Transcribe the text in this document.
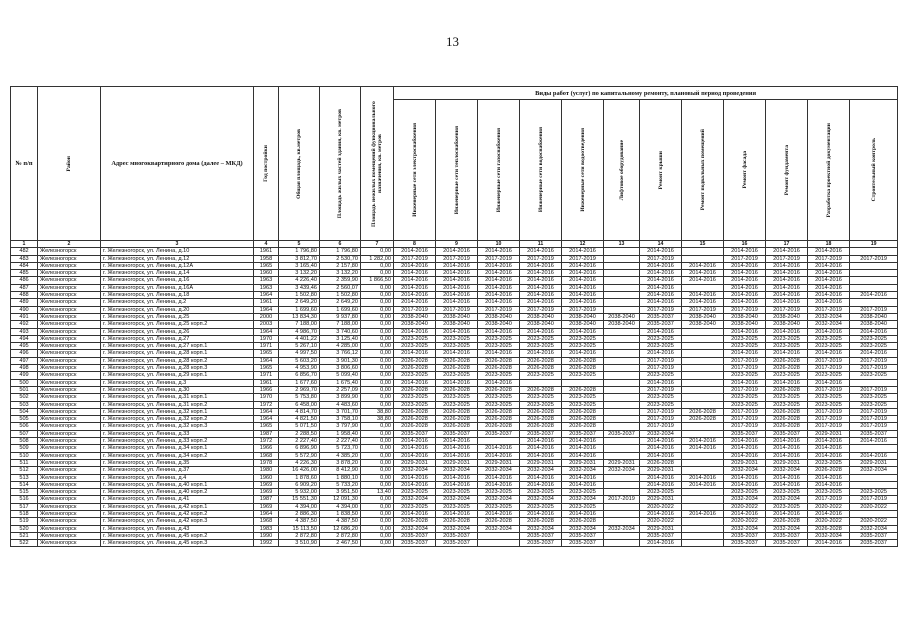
13
№ п/п	Район	Адрес многоквартирного дома (далее – МКД)	Год постройки	Общая площадь, кв.метров	Площадь жилых частей здания, кв. метров	Площадь нежилых помещений функционального назначения, кв. метров	Виды работ (услуг) по капитальному ремонту, плановый период проведения											

							Инженерные сети электроснабжения	Инженерные сети теплоснабжения	Инженерные сети газоснабжения	Инженерные сети водоснабжения	Инженерные сети водоотведения	Лифтовое оборудование	Ремонт крыши	Ремонт подвальных помещений	Ремонт фасада	Ремонт фундамента	Разработка проектной документации	Строительный контроль

1	2	3	4	5	6	7	8	9	10	11	12	13	14	15	16	17	18	19
482	Железногорск	г. Железногорск, ул. Ленина, д.10	1961	1 796,80	1 796,80	0,00	2014-2016	2014-2016	2014-2016	2014-2016	2014-2016		2014-2016		2014-2016	2014-2016	2014-2016	
483	Железногорск	г. Железногорск, ул. Ленина, д.12	1958	3 812,70	2 530,70	1 282,00	2017-2019	2017-2019	2017-2019	2017-2019	2017-2019		2017-2019		2017-2019	2017-2019	2017-2019	2017-2019
484	Железногорск	г. Железногорск, ул. Ленина, д.12А	1965	3 165,40	2 157,80	0,00	2014-2016	2014-2016	2014-2016	2014-2016	2014-2016		2014-2016	2014-2016	2014-2016	2014-2016	2014-2016	
485	Железногорск	г. Железногорск, ул. Ленина, д.14	1960	3 132,20	3 132,20	0,00	2014-2016	2014-2016	2014-2016	2014-2016	2014-2016		2014-2016	2014-2016	2014-2016	2014-2016	2014-2016	
486	Железногорск	г. Железногорск, ул. Ленина, д.16	1963	4 226,40	2 359,90	1 866,50	2014-2016	2014-2016	2014-2016	2014-2016	2014-2016		2014-2016	2014-2016	2014-2016	2014-2016	2014-2016	
487	Железногорск	г. Железногорск, ул. Ленина, д.16А	1963	3 439,46	2 560,07	0,00	2014-2016	2014-2016	2014-2016	2014-2016	2014-2016		2014-2016		2014-2016	2014-2016	2014-2016	
488	Железногорск	г. Железногорск, ул. Ленина, д.18	1964	1 502,80	1 502,80	0,00	2014-2016	2014-2016	2014-2016	2014-2016	2014-2016		2014-2016	2014-2016	2014-2016	2014-2016	2014-2016	2014-2016
489	Железногорск	г. Железногорск, ул. Ленина, д.2	1961	2 649,20	2 649,20	0,00	2014-2016	2014-2016	2014-2016	2014-2016	2014-2016		2014-2016	2014-2016	2014-2016	2014-2016	2014-2016	
490	Железногорск	г. Железногорск, ул. Ленина, д.20	1964	1 699,60	1 699,60	0,00	2017-2019	2017-2019	2017-2019	2017-2019	2017-2019		2017-2019	2017-2019	2017-2019	2017-2019	2017-2019	2017-2019
491	Железногорск	г. Железногорск, ул. Ленина, д.25	2000	13 834,30	9 937,80	0,00	2038-2040	2038-2040	2038-2040	2038-2040	2038-2040	2038-2040	2035-2037	2038-2040	2038-2040	2038-2040	2032-2034	2038-2040
492	Железногорск	г. Железногорск, ул. Ленина, д.25 корп.2	2003	7 188,00	7 188,00	0,00	2038-2040	2038-2040	2038-2040	2038-2040	2038-2040	2038-2040	2035-2037	2038-2040	2038-2040	2038-2040	2032-2034	2038-2040
493	Железногорск	г. Железногорск, ул. Ленина, д.26	1964	4 986,70	3 740,60	0,00	2014-2016	2014-2016	2014-2016	2014-2016	2014-2016		2014-2016		2014-2016	2014-2016	2014-2016	2014-2016
494	Железногорск	г. Железногорск, ул. Ленина, д.27	1970	4 401,22	3 125,40	0,00	2023-2025	2023-2025	2023-2025	2023-2025	2023-2025		2023-2025		2023-2025	2023-2025	2023-2025	2023-2025
495	Железногорск	г. Железногорск, ул. Ленина, д.27 корп.1	1971	5 267,10	4 285,00	0,00	2023-2025	2023-2025	2023-2025	2023-2025	2023-2025		2023-2025		2023-2025	2023-2025	2023-2025	2023-2025
496	Железногорск	г. Железногорск, ул. Ленина, д.28 корп.1	1965	4 997,50	3 766,12	0,00	2014-2016	2014-2016	2014-2016	2014-2016	2014-2016		2014-2016		2014-2016	2014-2016	2014-2016	2014-2016
497	Железногорск	г. Железногорск, ул. Ленина, д.28 корп.2	1964	5 603,20	3 901,30	0,00	2026-2028	2026-2028	2026-2028	2026-2028	2026-2028		2017-2019		2017-2019	2026-2028	2017-2019	2017-2019
498	Железногорск	г. Железногорск, ул. Ленина, д.28 корп.3	1965	4 953,90	3 806,60	0,00	2026-2028	2026-2028	2026-2028	2026-2028	2026-2028		2017-2019		2017-2019	2026-2028	2017-2019	2017-2019
499	Железногорск	г. Железногорск, ул. Ленина, д.29 корп.1	1971	6 856,70	5 099,40	0,00	2023-2025	2023-2025	2023-2025	2023-2025	2023-2025		2023-2025		2023-2025	2023-2025	2023-2025	2023-2025
500	Железногорск	г. Железногорск, ул. Ленина, д.3	1961	1 677,60	1 675,40	0,00	2014-2016	2014-2016	2014-2016				2014-2016		2014-2016	2014-2016	2014-2016	
501	Железногорск	г. Железногорск, ул. Ленина, д.30	1966	2 969,70	2 257,09	0,00	2026-2028	2026-2028	2026-2028	2026-2028	2026-2028		2017-2019		2017-2019	2026-2028	2017-2019	2017-2019
502	Железногорск	г. Железногорск, ул. Ленина, д.31 корп.1	1970	5 753,80	3 899,90	0,00	2023-2025	2023-2025	2023-2025	2023-2025	2023-2025		2023-2025		2023-2025	2023-2025	2023-2025	2023-2025
503	Железногорск	г. Железногорск, ул. Ленина, д.31 корп.2	1972	6 458,00	4 483,60	0,00	2023-2025	2023-2025	2023-2025	2023-2025	2023-2025		2023-2025		2023-2025	2023-2025	2023-2025	2023-2025
504	Железногорск	г. Железногорск, ул. Ленина, д.32 корп.1	1964	4 814,70	3 701,70	38,80	2026-2028	2026-2028	2026-2028	2026-2028	2026-2028		2017-2019	2026-2028	2017-2019	2026-2028	2017-2019	2017-2019
505	Железногорск	г. Железногорск, ул. Ленина, д.32 корп.2	1964	4 821,50	3 758,10	38,80	2026-2028	2026-2028	2026-2028	2026-2028	2026-2028		2017-2019	2026-2028	2017-2019	2026-2028	2017-2019	2017-2019
506	Железногорск	г. Железногорск, ул. Ленина, д.32 корп.3	1965	5 071,50	3 797,90	0,00	2026-2028	2026-2028	2026-2028	2026-2028	2026-2028		2017-2019		2017-2019	2026-2028	2017-2019	2017-2019
507	Железногорск	г. Железногорск, ул. Ленина, д.33	1987	2 288,50	1 958,40	0,00	2035-2037	2035-2037	2035-2037	2035-2037	2035-2037	2035-2037	2032-2034		2035-2037	2035-2037	2029-2031	2035-2037
508	Железногорск	г. Железногорск, ул. Ленина, д.33 корп.2	1972	2 227,40	2 227,40	0,00	2014-2016	2014-2016		2014-2016	2014-2016		2014-2016	2014-2016	2014-2016	2014-2016	2014-2016	2014-2016
509	Железногорск	г. Железногорск, ул. Ленина, д.34 корп.1	1966	6 896,90	5 723,70	0,00	2014-2016	2014-2016	2014-2016	2014-2016	2014-2016		2014-2016	2014-2016	2014-2016	2014-2016	2014-2016	
510	Железногорск	г. Железногорск, ул. Ленина, д.34 корп.2	1968	5 572,90	4 385,20	0,00	2014-2016	2014-2016	2014-2016	2014-2016	2014-2016		2014-2016		2014-2016	2014-2016	2014-2016	2014-2016
511	Железногорск	г. Железногорск, ул. Ленина, д.35	1978	4 226,30	3 878,20	0,00	2029-2031	2029-2031	2029-2031	2029-2031	2029-2031	2029-2031	2026-2028		2029-2031	2029-2031	2023-2025	2029-2031
512	Железногорск	г. Железногорск, ул. Ленина, д.37	1980	16 426,00	8 412,90	0,00	2032-2034	2032-2034	2032-2034	2032-2034	2032-2034	2032-2034	2029-2031		2032-2034	2032-2034	2026-2028	2032-2034
513	Железногорск	г. Железногорск, ул. Ленина, д.4	1960	1 878,60	1 880,10	0,00	2014-2016	2014-2016	2014-2016	2014-2016	2014-2016		2014-2016	2014-2016	2014-2016	2014-2016	2014-2016	
514	Железногорск	г. Железногорск, ул. Ленина, д.40 корп.1	1969	6 909,20	5 733,20	0,00	2014-2016	2014-2016	2014-2016	2014-2016	2014-2016		2014-2016	2014-2016	2014-2016	2014-2016	2014-2016	
515	Железногорск	г. Железногорск, ул. Ленина, д.40 корп.2	1969	5 932,00	3 951,50	13,40	2023-2025	2023-2025	2023-2025	2023-2025	2023-2025		2023-2025		2023-2025	2023-2025	2023-2025	2023-2025
516	Железногорск	г. Железногорск, ул. Ленина, д.41	1987	15 551,30	12 091,30	0,00	2032-2034	2032-2034	2032-2034	2032-2034	2032-2034	2017-2019	2029-2031		2032-2034	2032-2034	2017-2019	2017-2019
517	Железногорск	г. Железногорск, ул. Ленина, д.42 корп.1	1969	4 394,00	4 394,00	0,00	2023-2025	2023-2025	2023-2025	2023-2025	2023-2025		2020-2022		2020-2022	2023-2025	2020-2022	2020-2022
518	Железногорск	г. Железногорск, ул. Ленина, д.42 корп.2	1964	2 886,30	1 838,50	0,00	2014-2016	2014-2016	2014-2016	2014-2016	2014-2016		2014-2016	2014-2016	2014-2016	2014-2016	2014-2016	
519	Железногорск	г. Железногорск, ул. Ленина, д.42 корп.3	1968	4 387,50	4 387,50	0,00	2026-2028	2026-2028	2026-2028	2026-2028	2026-2028		2020-2022		2020-2022	2026-2028	2020-2022	2020-2022
520	Железногорск	г. Железногорск, ул. Ленина, д.43	1983	15 113,50	12 686,20	0,00	2032-2034	2032-2034	2032-2034	2032-2034	2032-2034	2032-2034	2029-2031		2032-2034	2032-2034	2026-2028	2032-2034
521	Железногорск	г. Железногорск, ул. Ленина, д.45 корп.2	1990	2 872,80	2 872,80	0,00	2035-2037	2035-2037		2035-2037	2035-2037		2035-2037		2035-2037	2035-2037	2032-2034	2035-2037
522	Железногорск	г. Железногорск, ул. Ленина, д.45 корп.3	1992	3 510,90	2 467,50	0,00	2035-2037	2035-2037		2035-2037	2035-2037		2014-2016		2035-2037	2035-2037	2014-2016	2035-2037
